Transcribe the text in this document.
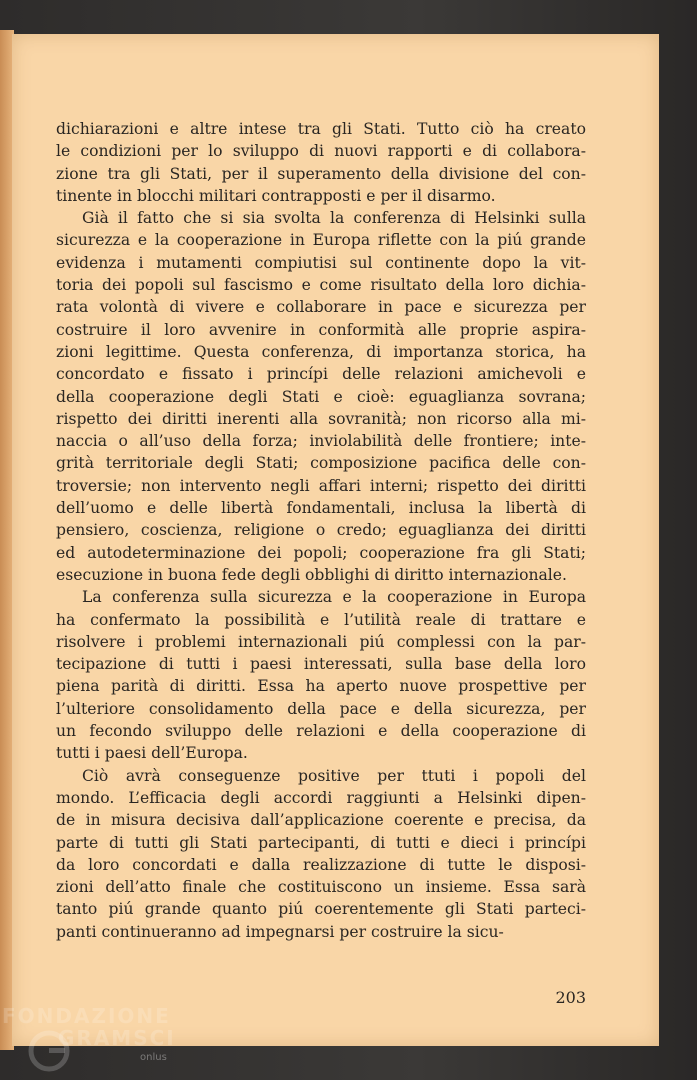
dichiarazioni e altre intese tra gli Stati. Tutto ciò ha creato
le condizioni per lo sviluppo di nuovi rapporti e di collabora-
zione tra gli Stati, per il superamento della divisione del con-
tinente in blocchi militari contrapposti e per il disarmo.
Già il fatto che si sia svolta la conferenza di Helsinki sulla
sicurezza e la cooperazione in Europa riflette con la piú grande
evidenza i mutamenti compiutisi sul continente dopo la vit-
toria dei popoli sul fascismo e come risultato della loro dichia-
rata volontà di vivere e collaborare in pace e sicurezza per
costruire il loro avvenire in conformità alle proprie aspira-
zioni legittime. Questa conferenza, di importanza storica, ha
concordato e fissato i princípi delle relazioni amichevoli e
della cooperazione degli Stati e cioè: eguaglianza sovrana;
rispetto dei diritti inerenti alla sovranità; non ricorso alla mi-
naccia o all’uso della forza; inviolabilità delle frontiere; inte-
grità territoriale degli Stati; composizione pacifica delle con-
troversie; non intervento negli affari interni; rispetto dei diritti
dell’uomo e delle libertà fondamentali, inclusa la libertà di
pensiero, coscienza, religione o credo; eguaglianza dei diritti
ed autodeterminazione dei popoli; cooperazione fra gli Stati;
esecuzione in buona fede degli obblighi di diritto internazionale.
La conferenza sulla sicurezza e la cooperazione in Europa
ha confermato la possibilità e l’utilità reale di trattare e
risolvere i problemi internazionali piú complessi con la par-
tecipazione di tutti i paesi interessati, sulla base della loro
piena parità di diritti. Essa ha aperto nuove prospettive per
l’ulteriore consolidamento della pace e della sicurezza, per
un fecondo sviluppo delle relazioni e della cooperazione di
tutti i paesi dell’Europa.
Ciò avrà conseguenze positive per ttuti i popoli del
mondo. L’efficacia degli accordi raggiunti a Helsinki dipen-
de in misura decisiva dall’applicazione coerente e precisa, da
parte di tutti gli Stati partecipanti, di tutti e dieci i princípi
da loro concordati e dalla realizzazione di tutte le disposi-
zioni dell’atto finale che costituiscono un insieme. Essa sarà
tanto piú grande quanto piú coerentemente gli Stati parteci-
panti continueranno ad impegnarsi per costruire la sicu-
203
onlus
